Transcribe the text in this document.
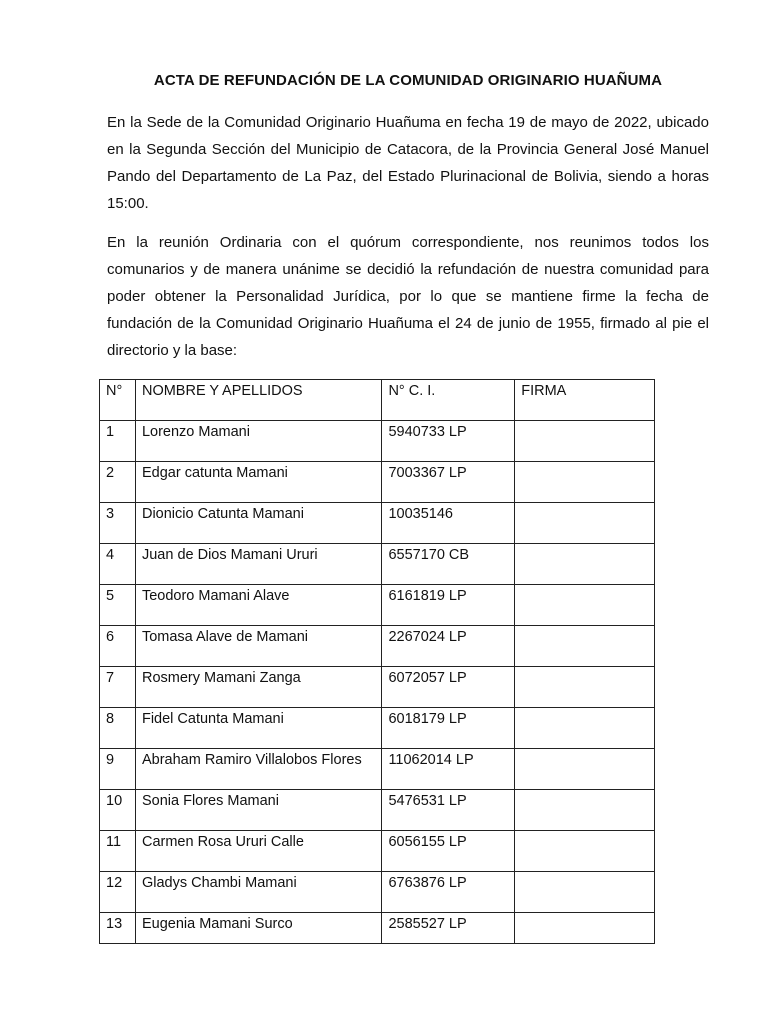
ACTA DE REFUNDACIÓN DE LA COMUNIDAD ORIGINARIO HUAÑUMA

En la Sede de la Comunidad Originario Huañuma en fecha 19 de mayo de 2022, ubicado en la Segunda Sección del Municipio de Catacora, de la Provincia General José Manuel Pando del Departamento de La Paz, del Estado Plurinacional de Bolivia, siendo a horas 15:00.

En la reunión Ordinaria con el quórum correspondiente, nos reunimos todos los comunarios y de manera unánime se decidió la refundación de nuestra comunidad para poder obtener la Personalidad Jurídica, por lo que se mantiene firme la fecha de fundación de la Comunidad Originario Huañuma el 24 de junio de 1955, firmado al pie el directorio y la base:

N°	NOMBRE Y APELLIDOS	N° C. I.	FIRMA
1	Lorenzo Mamani	5940733 LP	
2	Edgar catunta Mamani	7003367 LP	
3	Dionicio Catunta Mamani	10035146	
4	Juan de Dios Mamani Ururi	6557170 CB	
5	Teodoro Mamani Alave	6161819 LP	
6	Tomasa Alave de Mamani	2267024 LP	
7	Rosmery Mamani Zanga	6072057 LP	
8	Fidel Catunta Mamani	6018179 LP	
9	Abraham Ramiro Villalobos Flores	11062014 LP	
10	Sonia Flores Mamani	5476531 LP	
11	Carmen Rosa Ururi Calle	6056155 LP	
12	Gladys Chambi Mamani	6763876 LP	
13	Eugenia Mamani Surco	2585527 LP	
